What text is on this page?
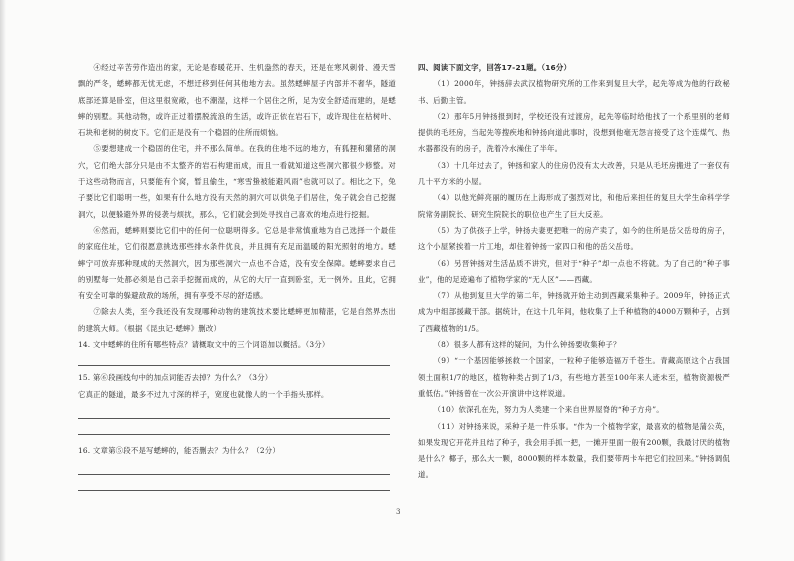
④经过辛苦劳作造出的家，无论是春暖花开、生机盎然的春天，还是在寒风刺骨、漫天雪飘的严冬，蟋蟀都无忧无虑，不想迁移到任何其他地方去。虽然蟋蟀屋子内部并不奢华，隧道底部还算是卧室，但这里很宽敞，也不潮湿，这样一个居住之所，足为安全舒适而建的，是蟋蟀的别墅。其他动物，或许正过着摆脱流浪的生活，或许正依在岩石下，或许现住在枯树叶、石块和老树的树皮下。它们正是没有一个稳固的住所而烦恼。

⑤要想建成一个稳固的住宅，并不那么简单。在我的住地不远的地方，有狐狸和獾猪的洞穴，它们绝大部分只是由不太整齐的岩石构建而成，而且一看就知道这些洞穴都很少修整。对于这些动物而言，只要能有个窝，暂且偷生，“寒雪蛰被能避风雨”也就可以了。相比之下，兔子要比它们聪明一些，如果有什么地方没有天然的洞穴可以供兔子们居住，兔子就会自己挖掘洞穴，以便躲避外界的侵袭与烦扰，那么，它们就会到处寻找自己喜欢的地点进行挖掘。

⑥然而，蟋蟀则要比它们中的任何一位聪明得多。它总是非常慎重地为自己选择一个最佳的家庭住址，它们很愿意挑选那些排水条件优良，并且拥有充足而温暖的阳光照射的地方。蟋蟀宁可放弃那种现成的天然洞穴，因为那些洞穴一点也不合适，没有安全保障。蟋蟀要求自己的别墅每一处都必须是自己亲手挖掘而成的，从它的大厅一直到卧室，无一例外。且此，它拥有安全可靠的躲避敌敌的场所，拥有享受不尽的舒适感。

⑦除去人类，至今我还没有发现哪种动物的建筑技术要比蟋蟀更加精湛，它是自然界杰出的建筑大师。（根据《昆虫记·蟋蟀》删改）

14. 文中蟋蟀的住所有哪些特点？请概取文中的三个词语加以概括。（3分）

15. 第⑥段画线句中的加点词能否去掉？为什么？（3分）

它真正的隧道，最多不过九寸深的样子，宽度也就像人的一个手指头那样。

16. 文章第⑤段不是写蟋蟀的，能否删去？为什么？（2分）

四、阅读下面文字，回答17-21题。（16分）

（1）2000年，钟扬辞去武汉植物研究所的工作来到复旦大学，起先等成为他的行政秘书、后勤主管。

（2）那年5月钟扬报到时，学校还没有过渡房，起先等临时给他找了一个系里别的老师提供的毛坯房，当起先等搜疾地和钟扬向道此事时，没想到他毫无怨言接受了这个连煤气、热水器都没有的房子，洗着冷水澡住了半年。

（3）十几年过去了，钟扬和家人的住房仍没有太大改善，只是从毛坯房搬进了一套仅有几十平方米的小屋。

（4）以他光鲜亮丽的履历在上海形成了强烈对比，和他后来担任的复旦大学生命科学学院常务副院长、研究生院院长的职位也产生了巨大反差。

（5）为了供孩子上学，钟扬夫妻更把唯一的房产卖了，如今的住所是岳父岳母的房子，这个小屋紧挨着一片工地，却住着钟扬一家四口和他的岳父岳母。

（6）另晋钟扬对生活品质不讲究，但对于“种子”却一点也不将就。为了自己的“种子事业”，他的足迹遍布了植物学家的“无人区”——西藏。

（7）从他到复旦大学的第二年，钟扬就开始主动到西藏采集种子。2009年，钟扬正式成为中组部援藏干部。据统计，在这十几年间，他收集了上千种植物的4000万颗种子，占到了西藏植物的1/5。

（8）很多人都有这样的疑问，为什么钟扬要收集种子？

（9）“一个基因能够拯救一个国家，一粒种子能够造福万千苍生。青藏高原这个占我国领土面积1/7的地区，植物种类占到了1/3，有些地方甚至100年来人迹未至，植物资源极严重低估。”钟扬曾在一次公开演讲中这样说道。

（10）依深孔在先，努力为人类建一个来自世界屋脊的“种子方舟”。

（11）对钟扬来说，采种子是一件乐事。“作为一个植物学家，最喜欢的植物是蒲公英，如果发现它开花并且结了种子，我会用手抓一把，一摊开里面一般有200颗，我最讨厌的植物是什么？椰子，那么大一颗，8000颗的样本数量，我们要带两卡车把它们拉回来。”钟扬调侃道。

3
